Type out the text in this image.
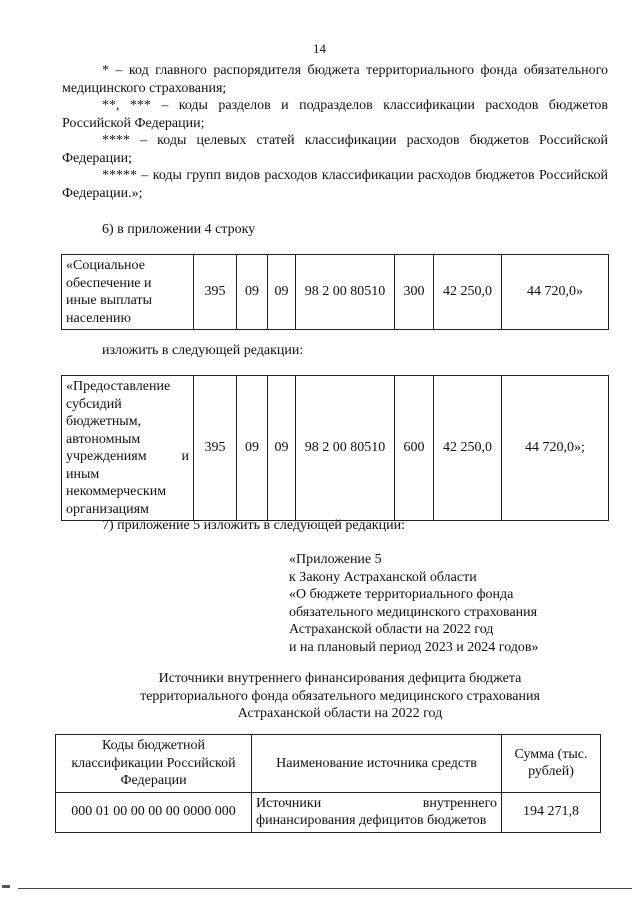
14

* – код главного распорядителя бюджета территориального фонда обязательного медицинского страхования;

**, *** – коды разделов и подразделов классификации расходов бюджетов Российской Федерации;

**** – коды целевых статей классификации расходов бюджетов Российской Федерации;

***** – коды групп видов расходов классификации расходов бюджетов Российской Федерации.»;

6) в приложении 4 строку
«Социальное
обеспечение и
иные выплаты
населению
	395	09	09	98 2 00 80510	300	42 250,0	44 720,0»
изложить в следующей редакции:
«Предоставление субсидий бюджетным, автономным учреждениям и иным некоммерческим организациям	395	09	09	98 2 00 80510	600	42 250,0	44 720,0»;
7) приложение 5 изложить в следующей редакции:
«Приложение 5
к Закону Астраханской области
«О бюджете территориального фонда
обязательного медицинского страхования
Астраханской области на 2022 год
и на плановый период 2023 и 2024 годов»
Источники внутреннего финансирования дефицита бюджета
территориального фонда обязательного медицинского страхования
Астраханской области на 2022 год
Коды бюджетной классификации Российской Федерации	Наименование источника средств	Сумма (тыс. рублей)
000 01 00 00 00 00 0000 000	Источники внутреннего финансирования дефицитов бюджетов	194 271,8
